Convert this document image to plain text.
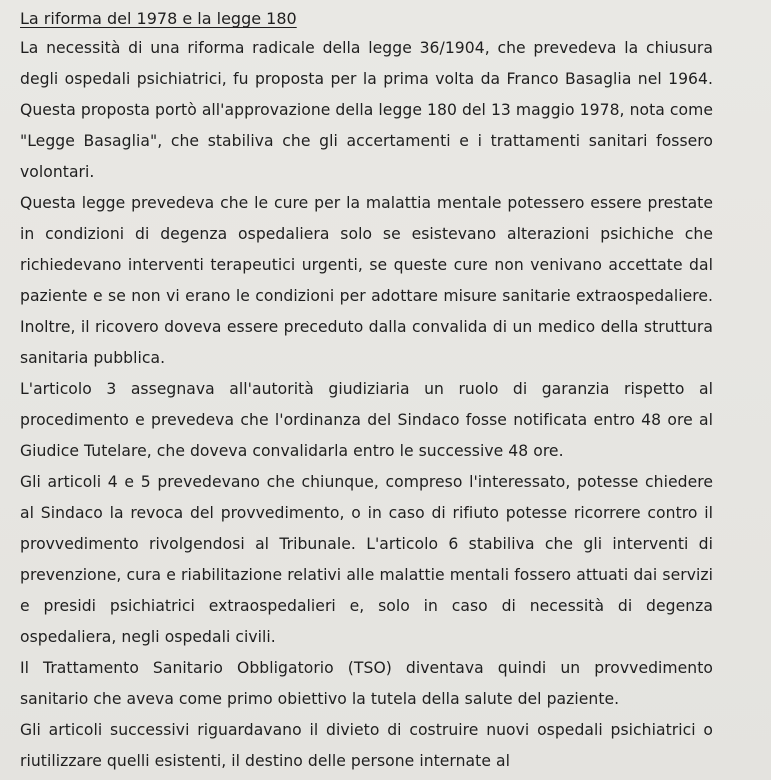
La riforma del 1978 e la legge 180

La necessità di una riforma radicale della legge 36/1904, che prevedeva la chiusura degli ospedali psichiatrici, fu proposta per la prima volta da Franco Basaglia nel 1964. Questa proposta portò all'approvazione della legge 180 del 13 maggio 1978, nota come "Legge Basaglia", che stabiliva che gli accertamenti e i trattamenti sanitari fossero volontari.

Questa legge prevedeva che le cure per la malattia mentale potessero essere prestate in condizioni di degenza ospedaliera solo se esistevano alterazioni psichiche che richiedevano interventi terapeutici urgenti, se queste cure non venivano accettate dal paziente e se non vi erano le condizioni per adottare misure sanitarie extraospedaliere. Inoltre, il ricovero doveva essere preceduto dalla convalida di un medico della struttura sanitaria pubblica.

L'articolo 3 assegnava all'autorità giudiziaria un ruolo di garanzia rispetto al procedimento e prevedeva che l'ordinanza del Sindaco fosse notificata entro 48 ore al Giudice Tutelare, che doveva convalidarla entro le successive 48 ore.

Gli articoli 4 e 5 prevedevano che chiunque, compreso l'interessato, potesse chiedere al Sindaco la revoca del provvedimento, o in caso di rifiuto potesse ricorrere contro il provvedimento rivolgendosi al Tribunale. L'articolo 6 stabiliva che gli interventi di prevenzione, cura e riabilitazione relativi alle malattie mentali fossero attuati dai servizi e presidi psichiatrici extraospedalieri e, solo in caso di necessità di degenza ospedaliera, negli ospedali civili.

Il Trattamento Sanitario Obbligatorio (TSO) diventava quindi un provvedimento sanitario che aveva come primo obiettivo la tutela della salute del paziente.

Gli articoli successivi riguardavano il divieto di costruire nuovi ospedali psichiatrici o riutilizzare quelli esistenti, il destino delle persone internate al
